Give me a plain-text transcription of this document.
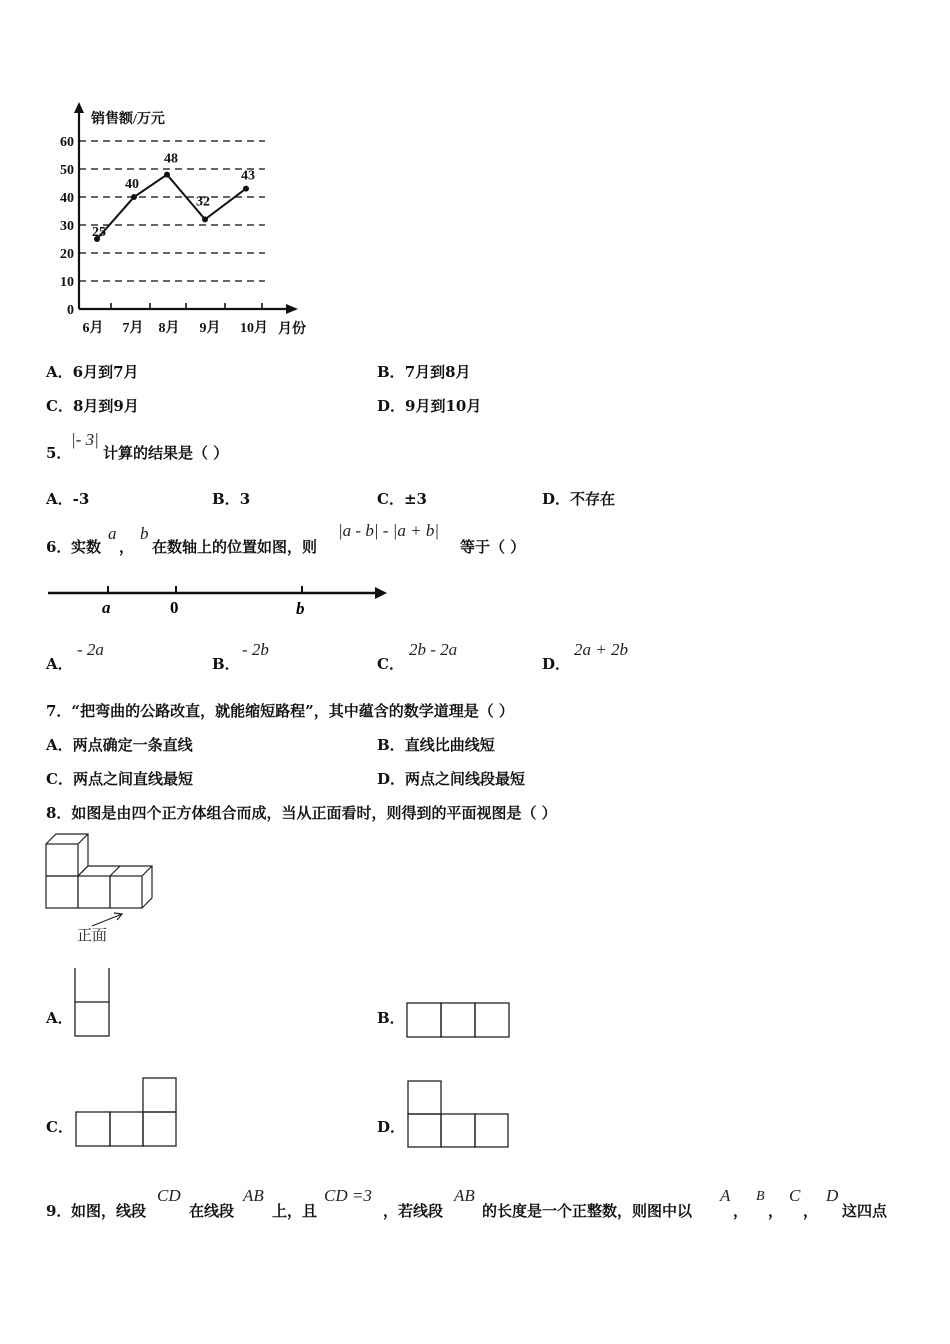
0
10
20
30
40
50
60
6月 7月 8月 9月 10月 月份
销售额/万元
25
40
48
32
43
A．6月到7月	B．7月到8月
C．8月到9月	D．9月到10月
5．
|- 3|
计算的结果是（ ）
A．-3	B．3	C．±3	D．不存在
6． 实数
a
，
b
在数轴上的位置如图，则
|a - b| - |a + b|
等于（ ）
a	0	b
A．
- 2a
B．
- 2b
C．
2b - 2a
D．
2a + 2b
7．“把弯曲的公路改直，就能缩短路程”，其中蕴含的数学道理是（ ）
A．两点确定一条直线	B．直线比曲线短
C．两点之间直线最短	D．两点之间线段最短
8．如图是由四个正方体组合而成，当从正面看时，则得到的平面视图是（ ）
正面
A．	B．
C．	D．
9． 如图，线段
CD
在线段
AB
上，且
CD =3
，若线段
AB
的长度是一个正整数，则图中以
A
，
B
，
C
，
D
这四点
